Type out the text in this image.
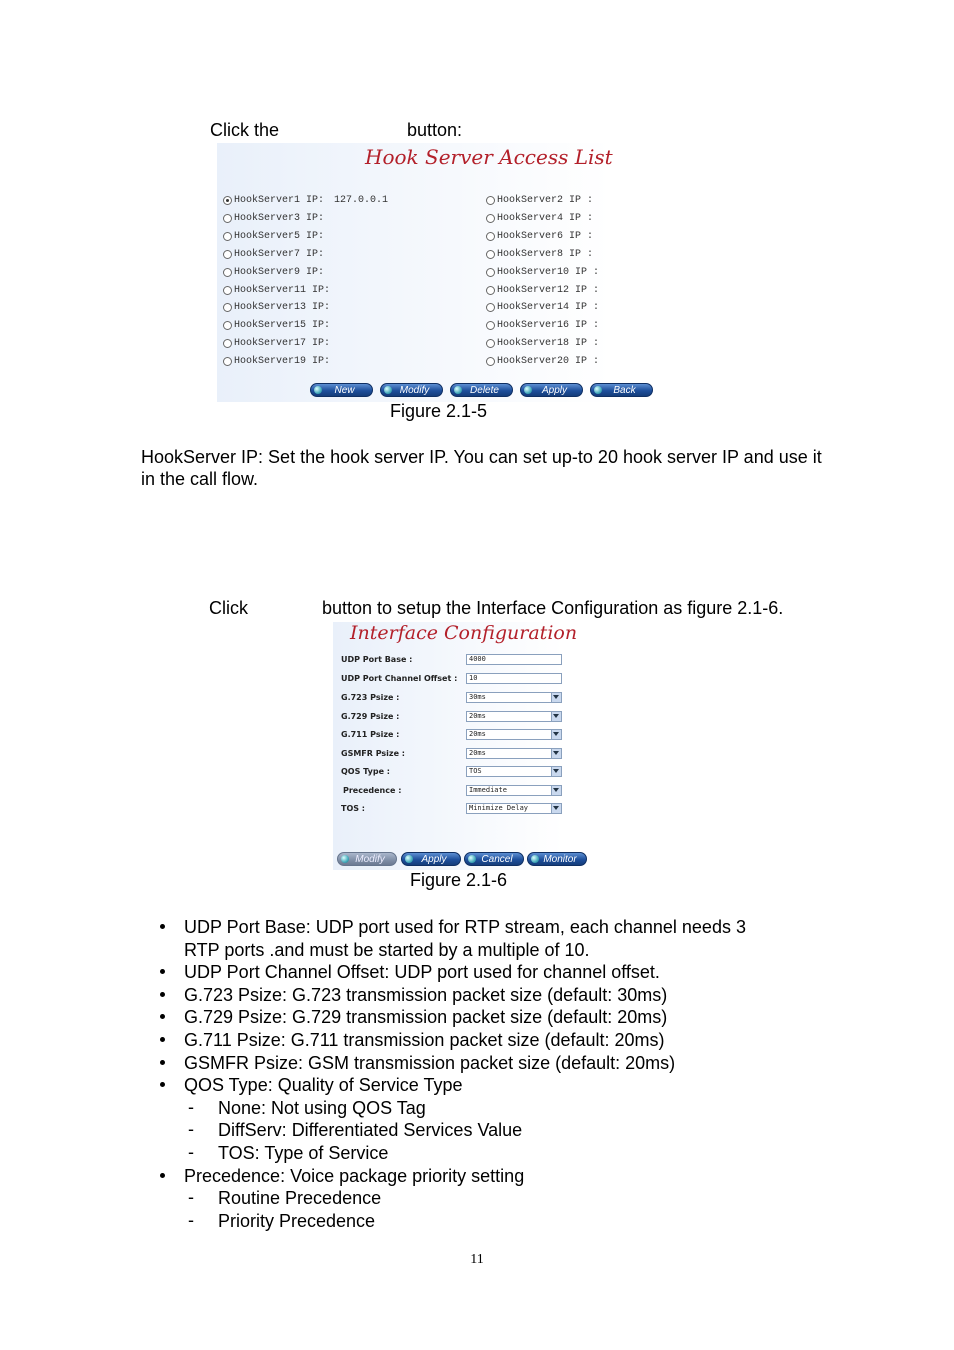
Click the	button:
Hook Server Access List
HookServer1 IP: 127.0.0.1	HookServer2 IP :
HookServer3 IP:	HookServer4 IP :
HookServer5 IP:	HookServer6 IP :
HookServer7 IP:	HookServer8 IP :
HookServer9 IP:	HookServer10 IP :
HookServer11 IP:	HookServer12 IP :
HookServer13 IP:	HookServer14 IP :
HookServer15 IP:	HookServer16 IP :
HookServer17 IP:	HookServer18 IP :
HookServer19 IP:	HookServer20 IP :
New	Modify	Delete	Apply	Back
Figure 2.1-5
HookServer IP: Set the hook server IP. You can set up-to 20 hook server IP and use it in the call flow.
Click	button to setup the Interface Configuration as figure 2.1-6.
Interface Configuration
UDP Port Base :	4000
UDP Port Channel Offset :	10
G.723 Psize :	30ms
G.729 Psize :	20ms
G.711 Psize :	20ms
GSMFR Psize :	20ms
QOS Type :	TOS
Precedence :	Immediate
TOS :	Minimize Delay
Modify	Apply	Cancel	Monitor
Figure 2.1-6
UDP Port Base: UDP port used for RTP stream, each channel needs 3
RTP ports .and must be started by a multiple of 10.
UDP Port Channel Offset: UDP port used for channel offset.
G.723 Psize: G.723 transmission packet size (default: 30ms)
G.729 Psize: G.729 transmission packet size (default: 20ms)
G.711 Psize: G.711 transmission packet size (default: 20ms)
GSMFR Psize: GSM transmission packet size (default: 20ms)
QOS Type: Quality of Service Type
- None: Not using QOS Tag
- DiffServ: Differentiated Services Value
- TOS: Type of Service
Precedence: Voice package priority setting
- Routine Precedence
- Priority Precedence
11
